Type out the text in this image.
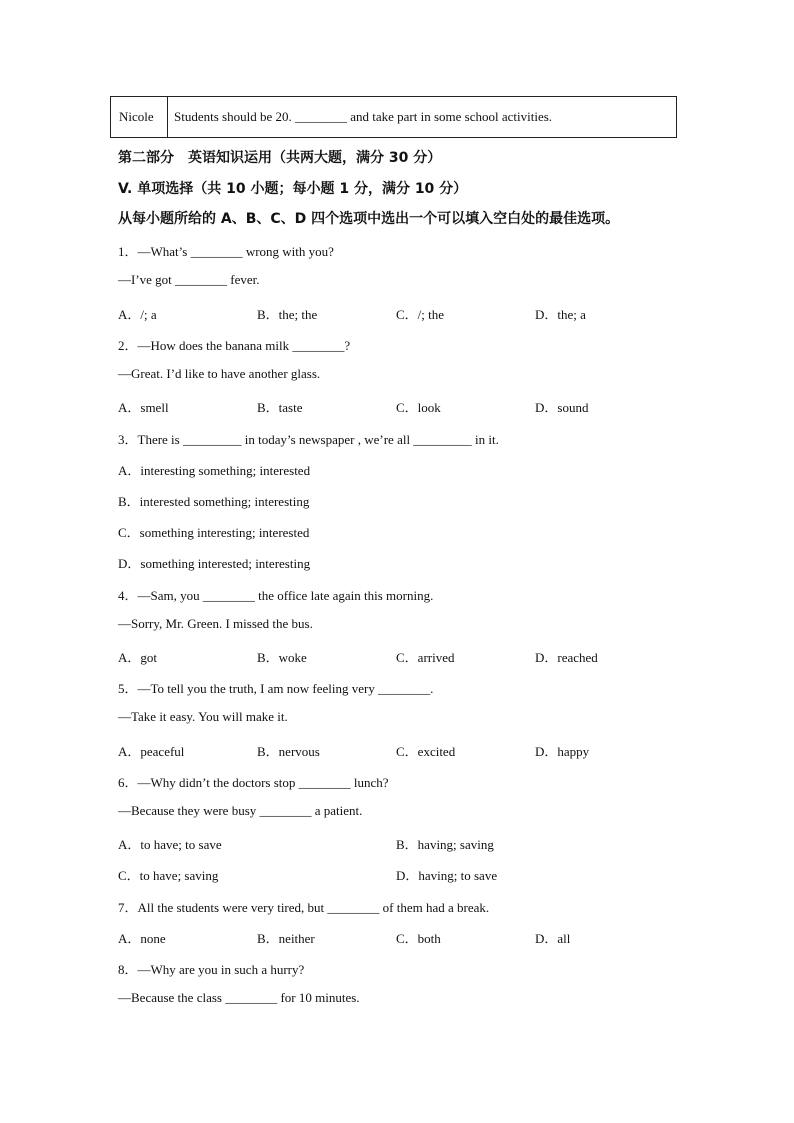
Nicole	Students should be 20. ________ and take part in some school activities.
第二部分　英语知识运用（共两大题，满分 30 分）
V. 单项选择（共 10 小题；每小题 1 分，满分 10 分）
从每小题所给的 A、B、C、D 四个选项中选出一个可以填入空白处的最佳选项。
1．—What’s ________ wrong with you?
—I’ve got ________ fever.
A．/; a	B．the; the	C．/; the	D．the; a
2．—How does the banana milk ________?
—Great. I’d like to have another glass.
A．smell	B．taste	C．look	D．sound
3．There is _________ in today’s newspaper , we’re all _________ in it.
A．interesting something; interested
B．interested something; interesting
C．something interesting; interested
D．something interested; interesting
4．—Sam, you ________ the office late again this morning.
—Sorry, Mr. Green. I missed the bus.
A．got	B．woke	C．arrived	D．reached
5．—To tell you the truth, I am now feeling very ________.
—Take it easy. You will make it.
A．peaceful	B．nervous	C．excited	D．happy
6．—Why didn’t the doctors stop ________ lunch?
—Because they were busy ________ a patient.
A．to have; to save	B．having; saving
C．to have; saving	D．having; to save
7．All the students were very tired, but ________ of them had a break.
A．none	B．neither	C．both	D．all
8．—Why are you in such a hurry?
—Because the class ________ for 10 minutes.
